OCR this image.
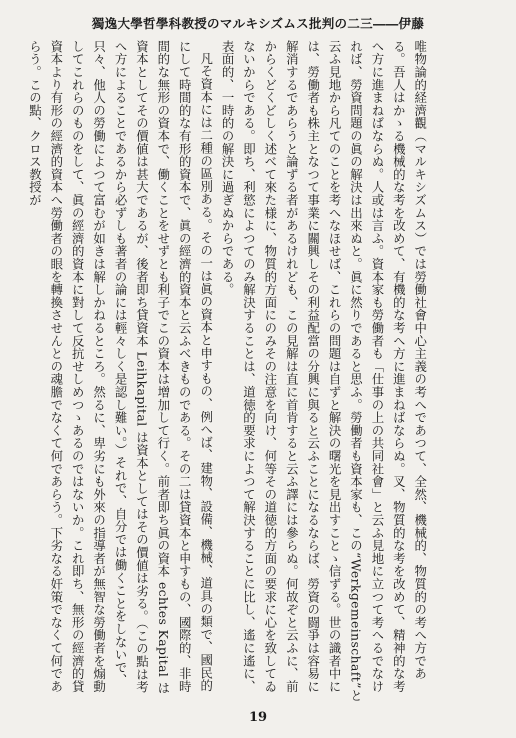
獨逸大學哲學科教授のマルキシズムス批判の二三――伊藤

唯物論的経濟觀（マルキシズムス）では勞働社會中心主義の考へであつて、全然、機械的、物質的の考へ方である。吾人はかゝる機械的な考を改めて、有機的な考へ方に進まねばならぬ。叉、物質的な考を改めて、精神的な考へ方に進まねばならぬ。人或は言ふ。資本家も勞働者も「仕事の上の共同社會」と云ふ見地に立つて考へるでなければ、勞資問題の眞の解決は出來ぬと。眞に然りであると思ふ。勞働者も資本家も、この“Werkgemeinschaft”と云ふ見地から凡てのことを考へなほせば、これらの問題は自ずと解決の曙光を見出すことゝ信ずる。世の識者中には、勞働者も株主となつて事業に關興しその利益配當の分興に與ると云ふことになるならば、勞資の闘爭は容易に解消するであらうと論ずる者があるけれども、この見解は直に首肯すると云ふ譯には參らぬ。何故ぞと云ふに、前からくどくどしく述べて來た様に、物質的方面にのみその注意を向け、何等その道徳的方面の要求に心を致してゐないからである。即ち、利慾によつてのみ解決することは、道徳的要求によつて解決することに比し、遙に遙に、表面的、一時的の解決に過ぎぬからである。

凡そ資本には二種の區別ある。その一は眞の資本と申すもの、例へば、建物、設備、機械、道具の類で、國民的にして時間的な有形的資本で、眞の經濟的資本と云ふべきものである。その二は貸資本と申すもの、國際的、非時間的な無形の資本で、働くことをせずとも利子でこの資本は增加して行く。前者即ち眞の資本 echtes Kapital は資本としてその價値は甚大であるが、後者即ち貸資本 Leihkapital は資本としてはその價値は劣る。（この點は考へ方によることであるから必ずしも著者の論には輕々しく是認し難い。）それで、自分では働くことをしないで、只々、他人の勞働によつて富むが如きは解しかねるところ。然るに、卑劣にも外來の指導者が無智な勞働者を煽動してこれらのものをして、眞の經濟的資本に對して反抗せしめつゝあるのではないか。これ即ち、無形の經濟的貸資本より有形の經濟的資本へ勞働者の眼を轉換させんとの魂膽でなくて何であらう。下劣なる奸策でなくて何であらう。この點、クロス教授が

19
